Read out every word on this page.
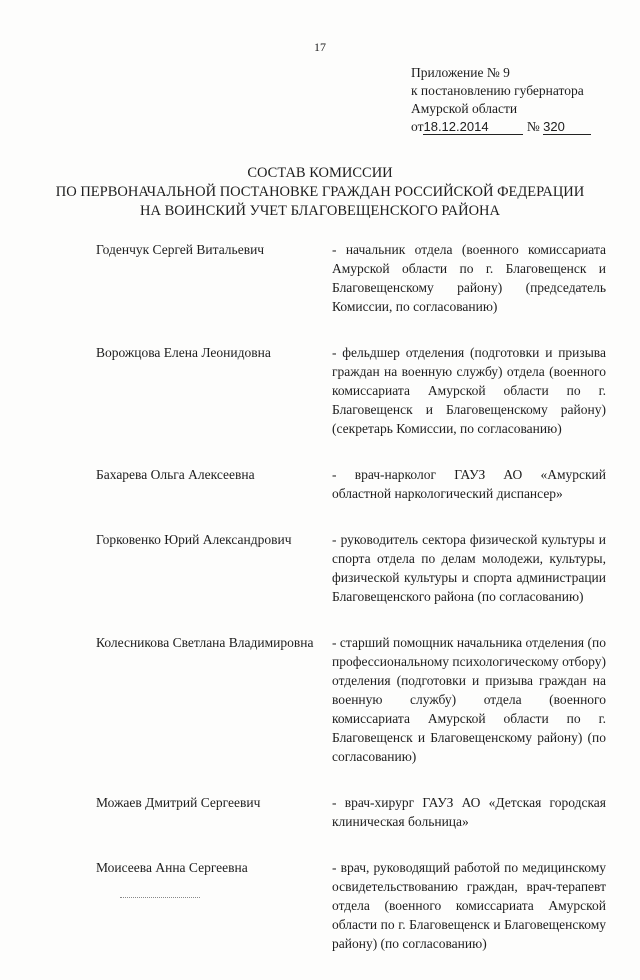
17
Приложение № 9
к постановлению губернатора
Амурской области
от18.12.2014	№ 320
СОСТАВ КОМИССИИ
ПО ПЕРВОНАЧАЛЬНОЙ ПОСТАНОВКЕ ГРАЖДАН РОССИЙСКОЙ ФЕДЕРАЦИИ
НА ВОИНСКИЙ УЧЕТ БЛАГОВЕЩЕНСКОГО РАЙОНА
Годенчук Сергей Витальевич	- начальник отдела (военного комиссариата Амурской области по г. Благовещенск и Благовещенскому району) (председатель Комиссии, по согласованию)
Ворожцова Елена Леонидовна	- фельдшер отделения (подготовки и призыва граждан на военную службу) отдела (военного комиссариата Амурской области по г. Благовещенск и Благовещенскому району) (секретарь Комиссии, по согласованию)
Бахарева Ольга Алексеевна	- врач-нарколог ГАУЗ АО «Амурский областной наркологический диспансер»
Горковенко Юрий Александрович	- руководитель сектора физической культуры и спорта отдела по делам молодежи, культуры, физической культуры и спорта администрации Благовещенского района (по согласованию)
Колесникова Светлана Владимировна	- старший помощник начальника отделения (по профессиональному психологическому отбору) отделения (подготовки и призыва граждан на военную службу) отдела (военного комиссариата Амурской области по г. Благовещенск и Благовещенскому району) (по согласованию)
Можаев Дмитрий Сергеевич	- врач-хирург ГАУЗ АО «Детская городская клиническая больница»
Моисеева Анна Сергеевна	- врач, руководящий работой по медицинскому освидетельствованию граждан, врач-терапевт отдела (военного комиссариата Амурской области по г. Благовещенск и Благовещенскому району) (по согласованию)
